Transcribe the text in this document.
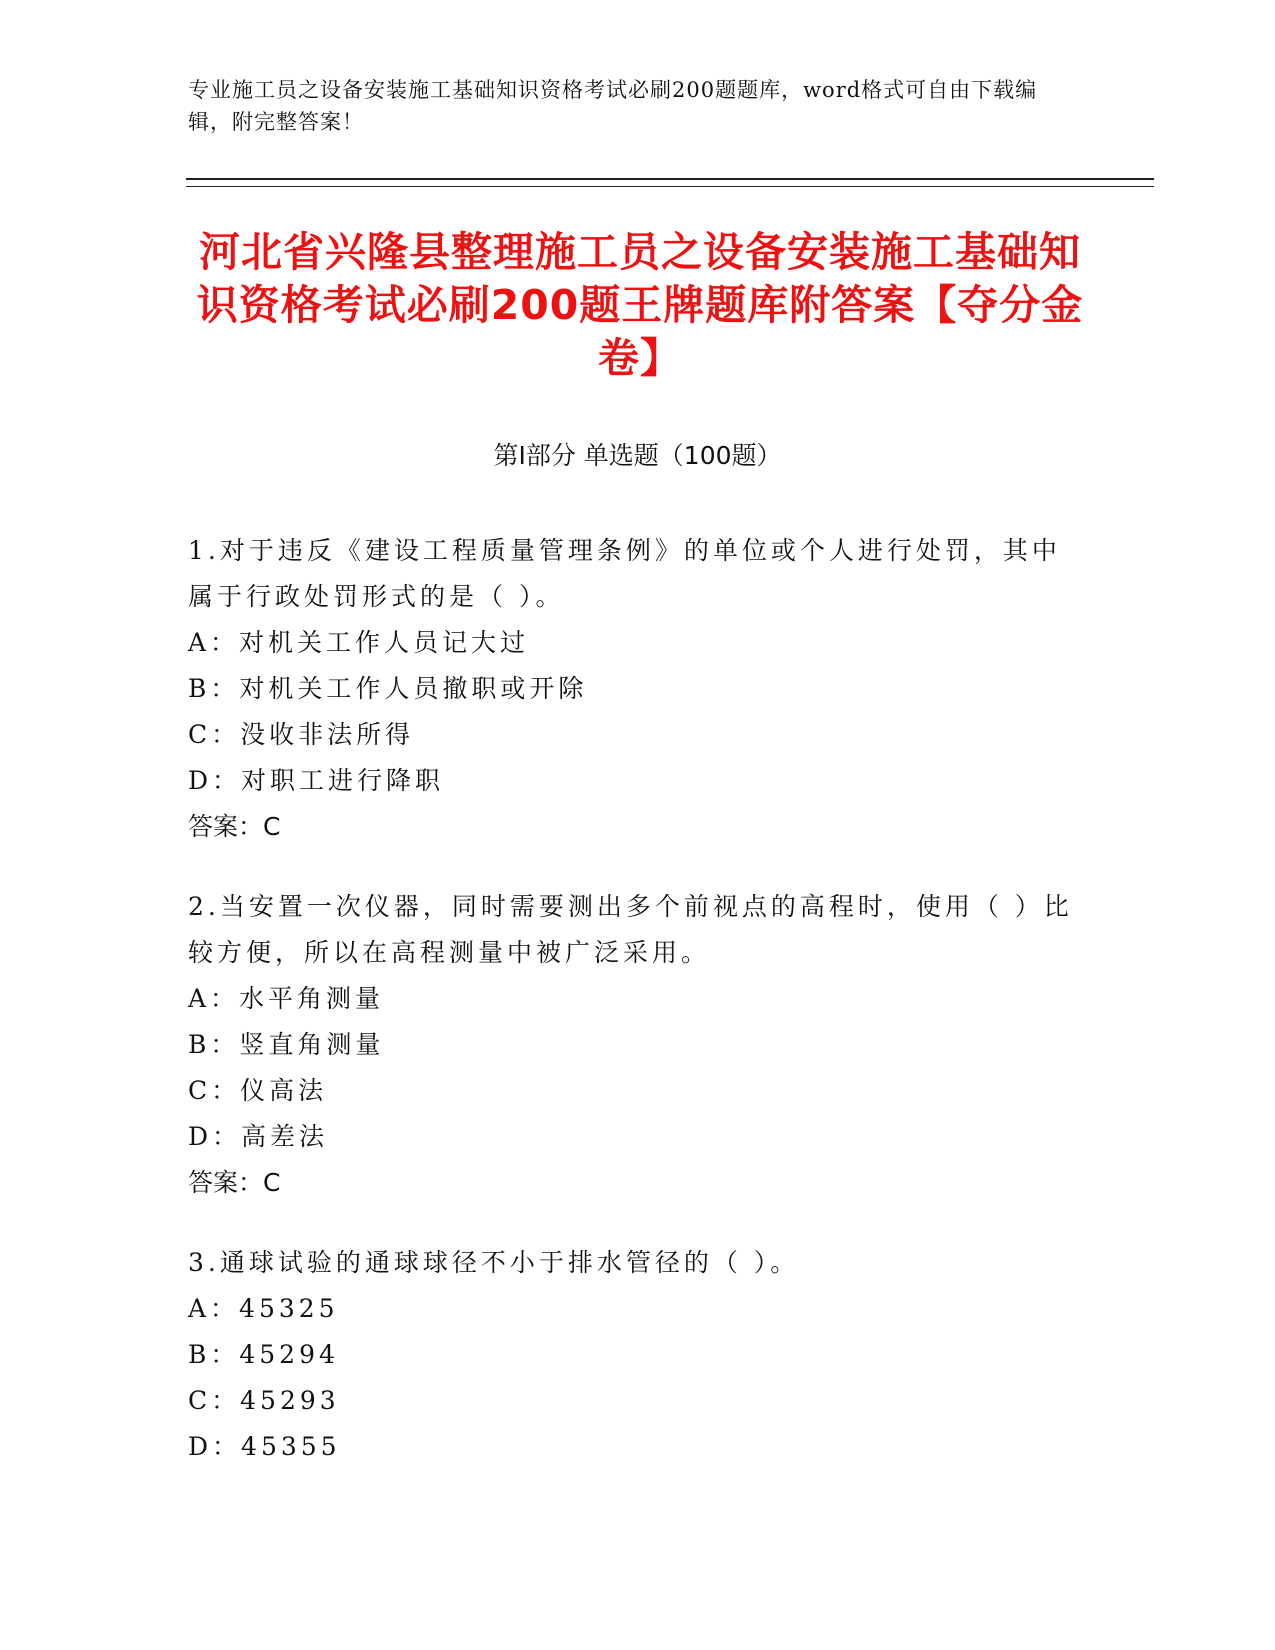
专业施工员之设备安装施工基础知识资格考试必刷200题题库，word格式可自由下载编辑，附完整答案！
河北省兴隆县整理施工员之设备安装施工基础知识资格考试必刷200题王牌题库附答案【夺分金卷】
第Ⅰ部分 单选题（100题）

1.对于违反《建设工程质量管理条例》的单位或个人进行处罚，其中属于行政处罚形式的是（ ）。

A：对机关工作人员记大过

B：对机关工作人员撤职或开除

C：没收非法所得

D：对职工进行降职

答案：C

2.当安置一次仪器，同时需要测出多个前视点的高程时，使用（ ）比较方便，所以在高程测量中被广泛采用。

A：水平角测量

B：竖直角测量

C：仪高法

D：高差法

答案：C

3.通球试验的通球球径不小于排水管径的（ ）。

A：45325

B：45294

C：45293

D：45355
